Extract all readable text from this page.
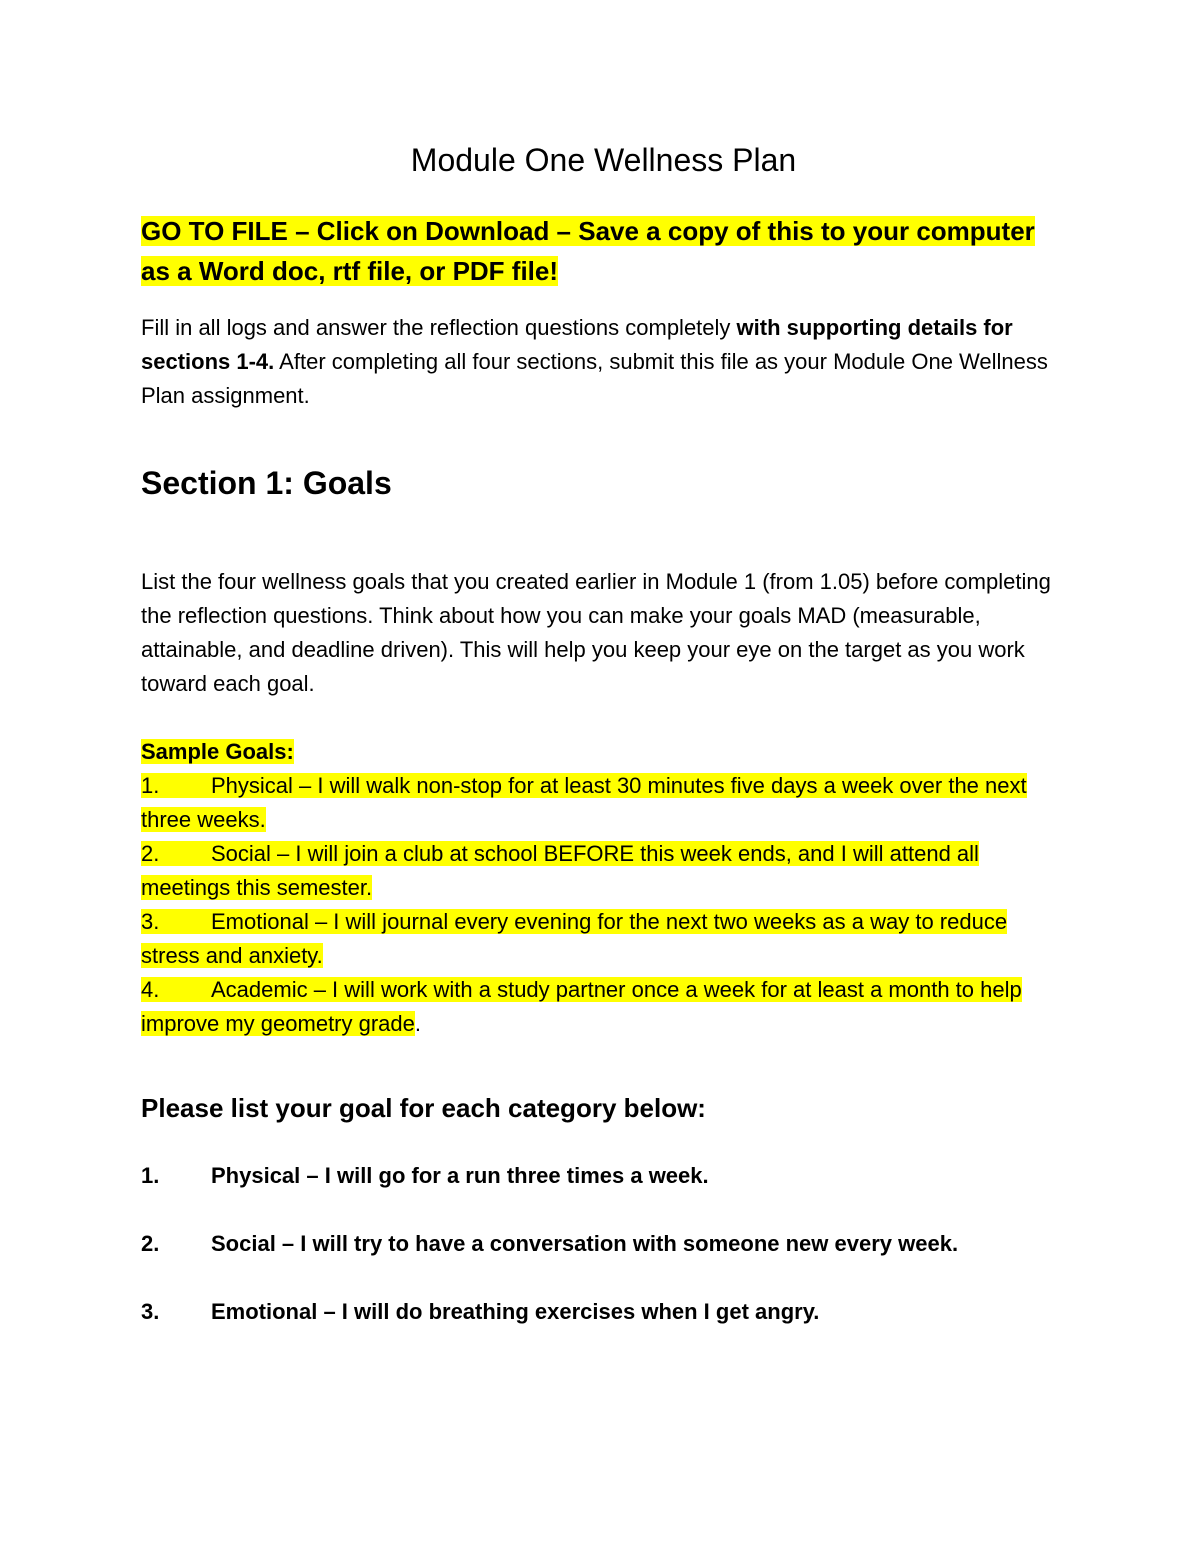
Module One Wellness Plan

GO TO FILE – Click on Download – Save a copy of this to your computer as a Word doc, rtf file, or PDF file!

Fill in all logs and answer the reflection questions completely with supporting details for sections 1-4. After completing all four sections, submit this file as your Module One Wellness Plan assignment.

Section 1: Goals

List the four wellness goals that you created earlier in Module 1 (from 1.05) before completing the reflection questions. Think about how you can make your goals MAD (measurable, attainable, and deadline driven). This will help you keep your eye on the target as you work toward each goal.

Sample Goals:
1. Physical – I will walk non-stop for at least 30 minutes five days a week over the next three weeks.
2. Social – I will join a club at school BEFORE this week ends, and I will attend all meetings this semester.
3. Emotional – I will journal every evening for the next two weeks as a way to reduce stress and anxiety.
4. Academic – I will work with a study partner once a week for at least a month to help improve my geometry grade.
Please list your goal for each category below:

1. Physical – I will go for a run three times a week.

2. Social – I will try to have a conversation with someone new every week.

3. Emotional – I will do breathing exercises when I get angry.
